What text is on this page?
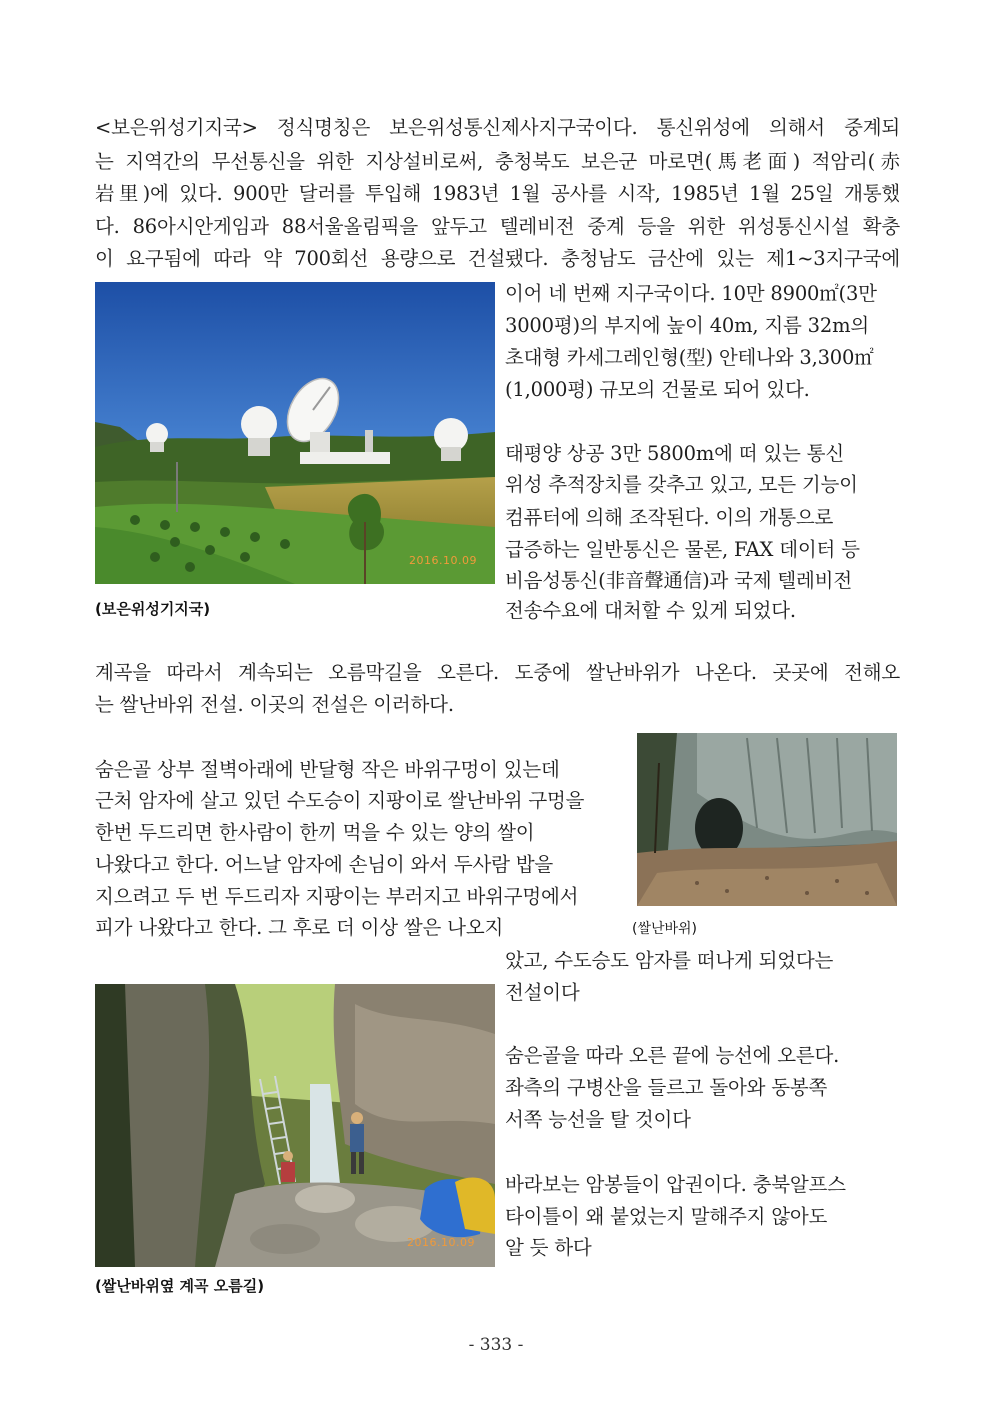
<보은위성기지국> 정식명칭은 보은위성통신제사지구국이다. 통신위성에 의해서 중계되
는 지역간의 무선통신을 위한 지상설비로써, 충청북도 보은군 마로면(馬老面) 적암리(赤
岩里)에 있다. 900만 달러를 투입해 1983년 1월 공사를 시작, 1985년 1월 25일 개통했
다. 86아시안게임과 88서울올림픽을 앞두고 텔레비전 중계 등을 위한 위성통신시설 확충
이 요구됨에 따라 약 700회선 용량으로 건설됐다. 충청남도 금산에 있는 제1~3지구국에
2016.10.09
(보은위성기지국)
이어 네 번째 지구국이다. 10만 8900㎡(3만
3000평)의 부지에 높이 40m, 지름 32m의
초대형 카세그레인형(型) 안테나와 3,300㎡
(1,000평) 규모의 건물로 되어 있다.
태평양 상공 3만 5800m에 떠 있는 통신
위성 추적장치를 갖추고 있고, 모든 기능이
컴퓨터에 의해 조작된다. 이의 개통으로
급증하는 일반통신은 물론, FAX 데이터 등
비음성통신(非音聲通信)과 국제 텔레비전
전송수요에 대처할 수 있게 되었다.
계곡을 따라서 계속되는 오름막길을 오른다. 도중에 쌀난바위가 나온다. 곳곳에 전해오
는 쌀난바위 전설. 이곳의 전설은 이러하다.
숨은골 상부 절벽아래에 반달형 작은 바위구멍이 있는데
근처 암자에 살고 있던 수도승이 지팡이로 쌀난바위 구멍을
한번 두드리면 한사람이 한끼 먹을 수 있는 양의 쌀이
나왔다고 한다. 어느날 암자에 손님이 와서 두사람 밥을
지으려고 두 번 두드리자 지팡이는 부러지고 바위구멍에서
피가 나왔다고 한다. 그 후로 더 이상 쌀은 나오지	(쌀난바위)
았고, 수도승도 암자를 떠나게 되었다는
전설이다
숨은골을 따라 오른 끝에 능선에 오른다.
좌측의 구병산을 들르고 돌아와 동봉쪽
서쪽 능선을 탈 것이다
바라보는 암봉들이 압권이다. 충북알프스
타이틀이 왜 붙었는지 말해주지 않아도
알 듯 하다
2016.10.09
(쌀난바위옆 계곡 오름길)
- 333 -
